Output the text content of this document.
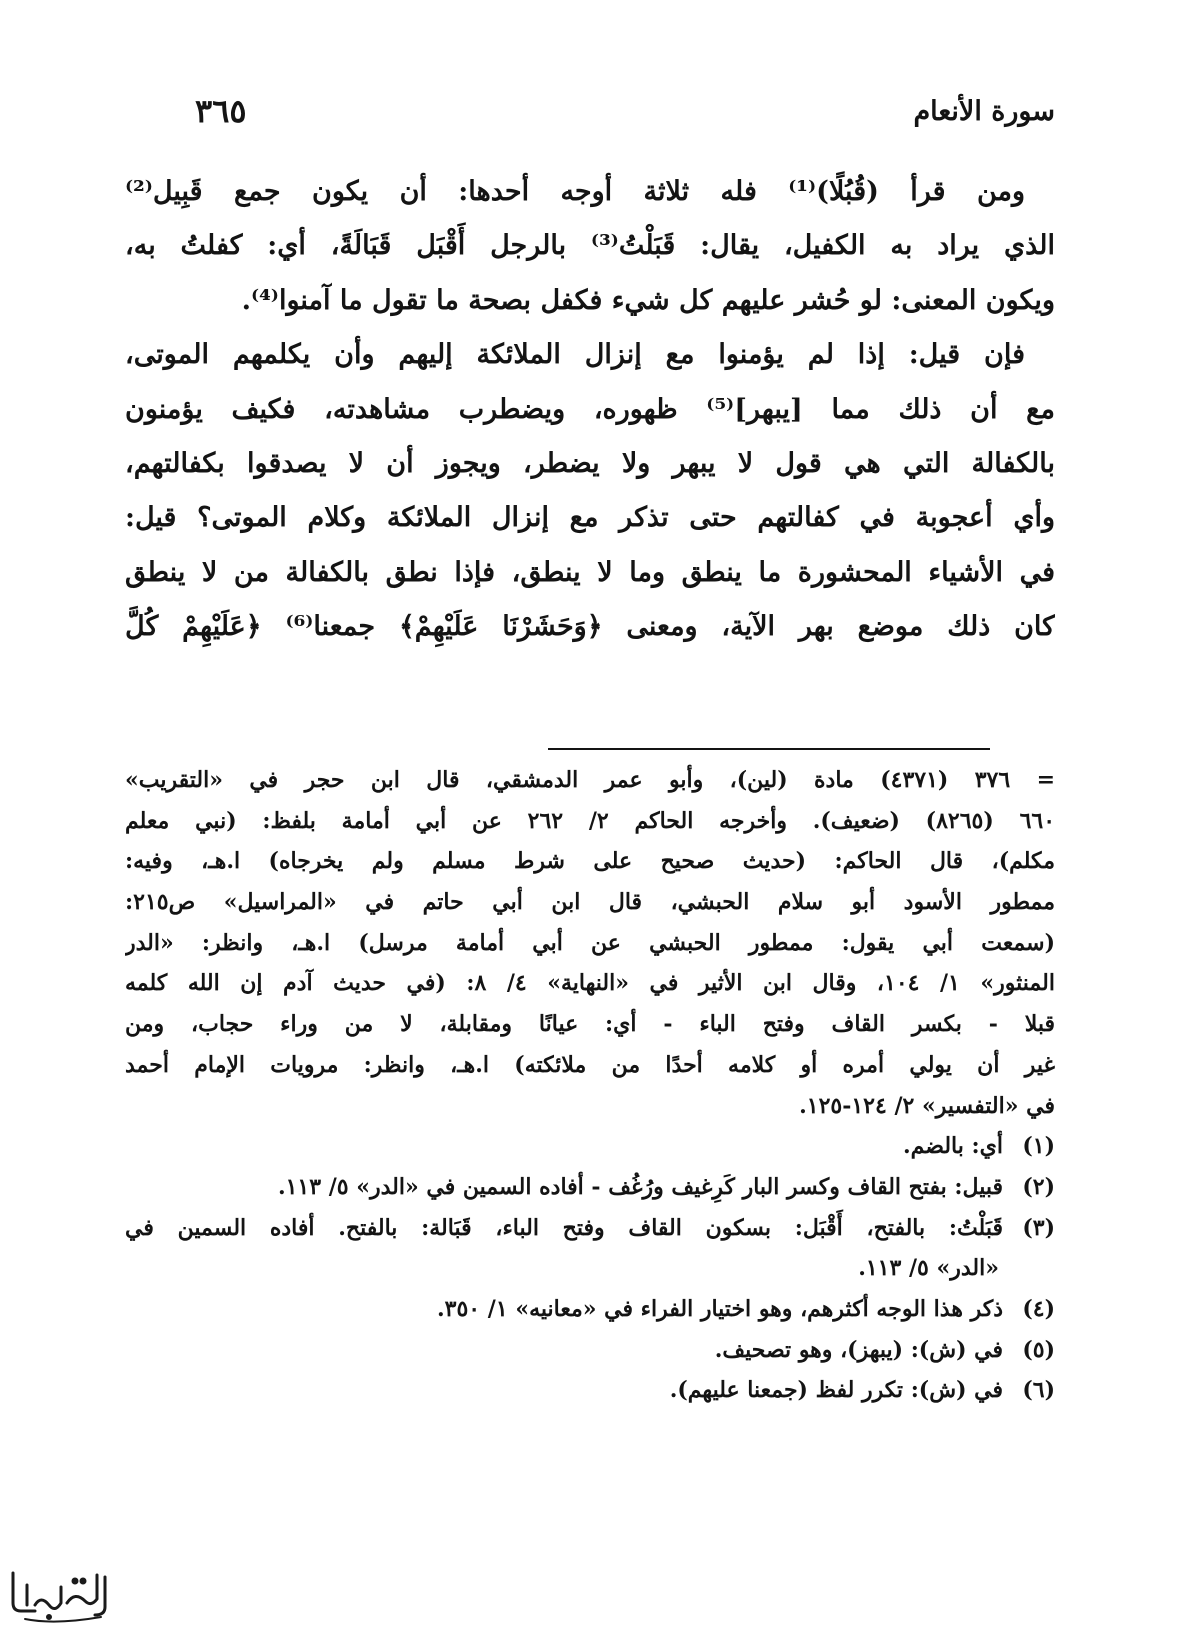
سورة الأنعام
٣٦٥
ومن قرأ (قُبُلًا)⁽¹⁾ فله ثلاثة أوجه أحدها: أن يكون جمع قَبِيل⁽²⁾
الذي يراد به الكفيل، يقال: قَبَلْتُ⁽³⁾ بالرجل أَقْبَل قَبَالَةً، أي: كفلتُ به،
ويكون المعنى: لو حُشر عليهم كل شيء فكفل بصحة ما تقول ما آمنوا⁽⁴⁾.
فإن قيل: إذا لم يؤمنوا مع إنزال الملائكة إليهم وأن يكلمهم الموتى،
مع أن ذلك مما [يبهر]⁽⁵⁾ ظهوره، ويضطرب مشاهدته، فكيف يؤمنون
بالكفالة التي هي قول لا يبهر ولا يضطر، ويجوز أن لا يصدقوا بكفالتهم،
وأي أعجوبة في كفالتهم حتى تذكر مع إنزال الملائكة وكلام الموتى؟ قيل:
في الأشياء المحشورة ما ينطق وما لا ينطق، فإذا نطق بالكفالة من لا ينطق
كان ذلك موضع بهر الآية، ومعنى ﴿وَحَشَرْنَا عَلَيْهِمْ﴾ جمعنا⁽⁶⁾ ﴿عَلَيْهِمْ كُلَّ
= ٣٧٦ (٤٣٧١) مادة (لين)، وأبو عمر الدمشقي، قال ابن حجر في «التقريب»
٦٦٠ (٨٢٦٥) (ضعيف). وأخرجه الحاكم ٢/ ٢٦٢ عن أبي أمامة بلفظ: (نبي معلم
مكلم)، قال الحاكم: (حديث صحيح على شرط مسلم ولم يخرجاه) ا.هـ، وفيه:
ممطور الأسود أبو سلام الحبشي، قال ابن أبي حاتم في «المراسيل» ص٢١٥:
(سمعت أبي يقول: ممطور الحبشي عن أبي أمامة مرسل) ا.هـ، وانظر: «الدر
المنثور» ١/ ١٠٤، وقال ابن الأثير في «النهاية» ٤/ ٨: (في حديث آدم إن الله كلمه
قبلا - بكسر القاف وفتح الباء - أي: عيانًا ومقابلة، لا من وراء حجاب، ومن
غير أن يولي أمره أو كلامه أحدًا من ملائكته) ا.هـ، وانظر: مرويات الإمام أحمد
في «التفسير» ٢/ ١٢٤-١٢٥.
(١)أي: بالضم.
(٢)قبيل: بفتح القاف وكسر البار كَرِغيف ورُغُف - أفاده السمين في «الدر» ٥/ ١١٣.
(٣)قَبَلْتُ: بالفتح، أَقْبَل: بسكون القاف وفتح الباء، قَبَالة: بالفتح. أفاده السمين في
«الدر» ٥/ ١١٣.
(٤)ذكر هذا الوجه أكثرهم، وهو اختيار الفراء في «معانيه» ١/ ٣٥٠.
(٥)في (ش): (يبهز)، وهو تصحيف.
(٦)في (ش): تكرر لفظ (جمعنا عليهم).
